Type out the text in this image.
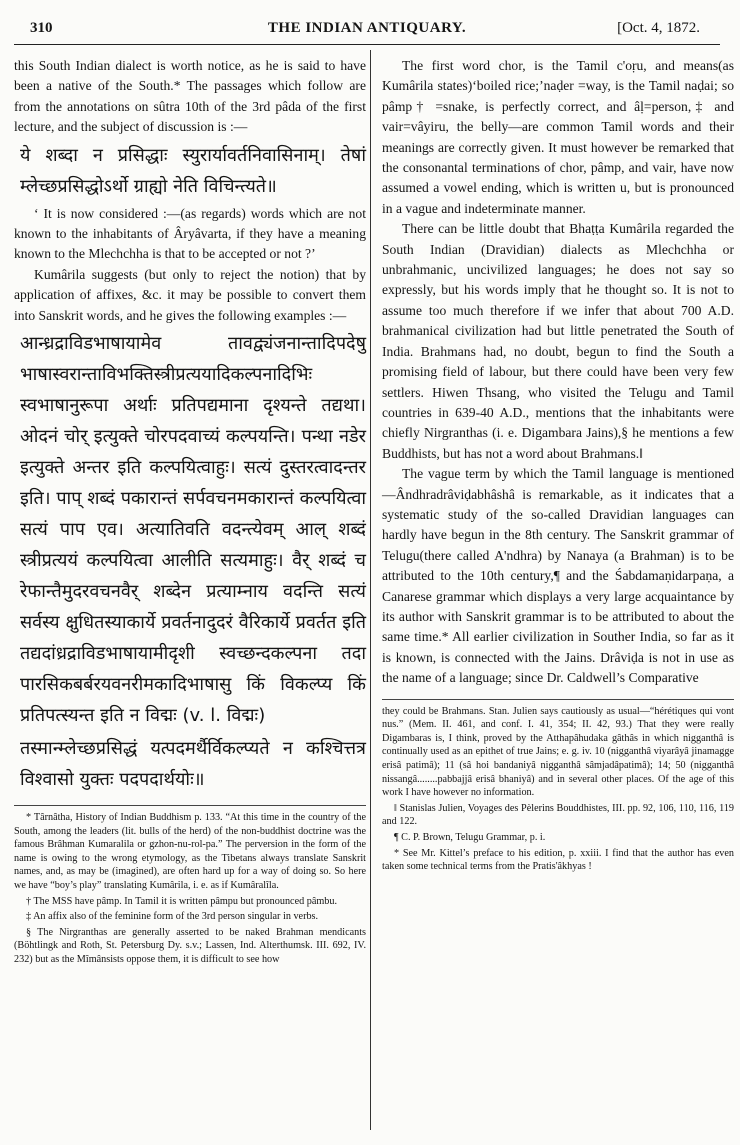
310	THE INDIAN ANTIQUARY.	[Oct. 4, 1872.

this South Indian dialect is worth notice, as he is said to have been a native of the South.* The passages which follow are from the annotations on sûtra 10th of the 3rd pâda of the first lecture, and the subject of discussion is :—

ये शब्दा न प्रसिद्धाः स्युरार्यावर्तनिवासिनाम्। तेषां म्लेच्छप्रसिद्धोऽर्थो ग्राह्यो नेति विचिन्त्यते॥

‘ It is now considered :—(as regards) words which are not known to the inhabitants of Âryâvarta, if they have a meaning known to the Mlechchha is that to be accepted or not ?’

Kumârila suggests (but only to reject the notion) that by application of affixes, &c. it may be possible to convert them into Sanskrit words, and he gives the following examples :—

आन्ध्रद्राविडभाषायामेव तावद्व्यंजनान्तादिपदेषु भाषास्वरान्ताविभक्तिस्त्रीप्रत्ययादिकल्पनादिभिः स्वभाषानुरूपा अर्थाः प्रतिपद्यमाना दृश्यन्ते तद्यथा। ओदनं चोर् इत्युक्ते चोरपदवाच्यं कल्पयन्ति। पन्था नडेर इत्युक्ते अन्तर इति कल्पयित्वाहुः। सत्यं दुस्तरत्वादन्तर इति। पाप् शब्दं पकारान्तं सर्पवचनमकारान्तं कल्पयित्वा सत्यं पाप एव। अत्यातिवति वदन्त्येवम् आल् शब्दं स्त्रीप्रत्ययं कल्पयित्वा आलीति सत्यमाहुः। वैर् शब्दं च रेफान्तैमुदरवचनवैर् शब्देन प्रत्याम्नाय वदन्ति सत्यं सर्वस्य क्षुधितस्याकार्ये प्रवर्तनादुदरं वैरिकार्ये प्रवर्तत इति तद्यदांध्रद्राविडभाषायामीदृशी स्वच्छन्दकल्पना तदा पारसिकबर्बरयवनरीमकादिभाषासु किं विकल्प्य किं प्रतिपत्स्यन्त इति न विद्मः (v. l. विद्मः)
तस्मान्म्लेच्छप्रसिद्धं यत्पदमर्थैर्विकल्प्यते न कश्चित्तत्र विश्वासो युक्तः पदपदार्थयोः॥

* Târnâtha, History of Indian Buddhism p. 133. “At this time in the country of the South, among the leaders (lit. bulls of the herd) of the non-buddhist doctrine was the famous Brâhman Kumaralila or gzhon-nu-rol-pa.” The perversion in the form of the name is owing to the wrong etymology, as the Tibetans always translate Sanskrit names, and, as may be (imagined), are often hard up for a way of doing so. So here we have “boy’s play” translating Kumârila, i. e. as if Kumâralîla.

† The MSS have pâmp. In Tamil it is written pâmpu but pronounced pâmbu.

‡ An affix also of the feminine form of the 3rd person singular in verbs.

§ The Nirgranthas are generally asserted to be naked Brahman mendicants (Böhtlingk and Roth, St. Petersburg Dy. s.v.; Lassen, Ind. Alterthumsk. III. 692, IV. 232) but as the Mîmânsists oppose them, it is difficult to see how

The first word chor, is the Tamil c'oṛu, and means(as Kumârila states)‘boiled rice;’naḍer =way, is the Tamil naḍai; so pâmp† =snake, is perfectly correct, and âḷ=person,‡ and vair=vâyiru, the belly—are common Tamil words and their meanings are correctly given. It must however be remarked that the consonantal terminations of chor, pâmp, and vair, have now assumed a vowel ending, which is written u, but is pronounced in a vague and indeterminate manner.

There can be little doubt that Bhaṭṭa Kumârila regarded the South Indian (Dravidian) dialects as Mlechchha or unbrahmanic, uncivilized languages; he does not say so expressly, but his words imply that he thought so. It is not to assume too much therefore if we infer that about 700 A.D. brahmanical civilization had but little penetrated the South of India. Brahmans had, no doubt, begun to find the South a promising field of labour, but there could have been very few settlers. Hiwen Thsang, who visited the Telugu and Tamil countries in 639-40 A.D., mentions that the inhabitants were chiefly Nirgranthas (i. e. Digambara Jains),§ he mentions a few Buddhists, but has not a word about Brahmans.‖

The vague term by which the Tamil language is mentioned—Ândhradrâviḍabhâshâ is remarkable, as it indicates that a systematic study of the so-called Dravidian languages can hardly have begun in the 8th century. The Sanskrit grammar of Telugu(there called A'ndhra) by Nanaya (a Brahman) is to be attributed to the 10th century,¶ and the Śabdamaṇidarpaṇa, a Canarese grammar which displays a very large acquaintance by its author with Sanskrit grammar is to be attributed to about the same time.* All earlier civilization in Souther India, so far as it is known, is connected with the Jains. Drâviḍa is not in use as the name of a language; since Dr. Caldwell’s Comparative

they could be Brahmans. Stan. Julien says cautiously as usual—“hérétiques qui vont nus.” (Mem. II. 461, and conf. I. 41, 354; II. 42, 93.) That they were really Digambaras is, I think, proved by the Atthapâhudaka gâthâs in which nigganthâ is continually used as an epithet of true Jains; e. g. iv. 10 (nigganthâ viyarâyâ jinamagge erisâ patimâ); 11 (sâ hoi bandaniyâ nigganthâ sâmjadâpatimâ); 14; 50 (nigganthâ nissangâ........pabbajjâ erisâ bhaniyâ) and in several other places. Of the age of this work I have however no information.

‖ Stanislas Julien, Voyages des Pèlerins Bouddhistes, III. pp. 92, 106, 110, 116, 119 and 122.

¶ C. P. Brown, Telugu Grammar, p. i.

* See Mr. Kittel’s preface to his edition, p. xxiii. I find that the author has even taken some technical terms from the Pratis'âkhyas !
